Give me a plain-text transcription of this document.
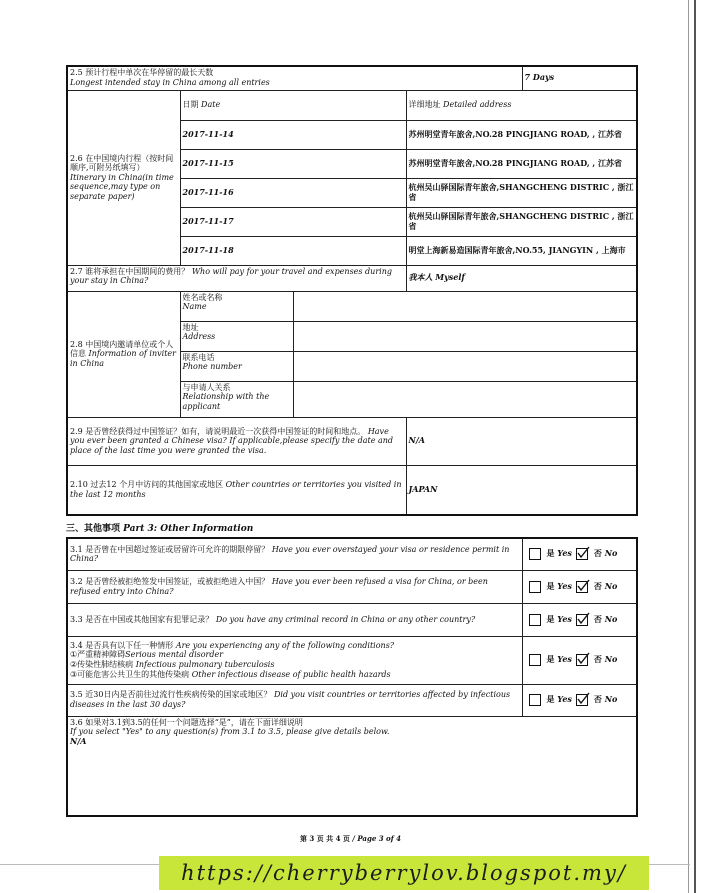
2.5 预计行程中单次在华停留的最长天数
Longest intended stay in China among all entries				7 Days
2.6 在中国境内行程（按时间顺序,可附另纸填写） Itinerary in China(in time sequence,may type on separate paper)	日期 Date		详细地址 Detailed address	
	2017-11-14		苏州明堂青年旅舍,NO.28 PINGJIANG ROAD, , 江苏省	
	2017-11-15		苏州明堂青年旅舍,NO.28 PINGJIANG ROAD, , 江苏省	
	2017-11-16		杭州吴山驿国际青年旅舍,SHANGCHENG DISTRIC , 浙江省	
	2017-11-17		杭州吴山驿国际青年旅舍,SHANGCHENG DISTRIC , 浙江省	
	2017-11-18		明堂上海新易造国际青年旅舍,NO.55, JIANGYIN , 上海市	
2.7 谁将承担在中国期间的费用？ Who will pay for your travel and expenses during your stay in China?			我本人 Myself	
2.8 中国境内邀请单位或个人信息 Information of inviter in China	姓名或名称
Name			
	地址
Address			
	联系电话
Phone number			
	与申请人关系
Relationship with the applicant			
2.9 是否曾经获得过中国签证？如有，请说明最近一次获得中国签证的时间和地点。 Have you ever been granted a Chinese visa? If applicable,please specify the date and place of the last time you were granted the visa.			N/A	
2.10 过去12 个月中访问的其他国家或地区 Other countries or territories you visited in the last 12 months			JAPAN	
三、其他事项 Part 3: Other Information
3.1 是否曾在中国超过签证或居留许可允许的期限停留？ Have you ever overstayed your visa or residence permit in China?	是 Yes 否 No
3.2 是否曾经被拒绝签发中国签证，或被拒绝进入中国？ Have you ever been refused a visa for China, or been refused entry into China?	是 Yes 否 No
3.3 是否在中国或其他国家有犯罪记录？ Do you have any criminal record in China or any other country?	是 Yes 否 No
3.4 是否具有以下任一种情形 Are you experiencing any of the following conditions?
①严重精神障碍Serious mental disorder
②传染性肺结核病 Infectious pulmonary tuberculosis
③可能危害公共卫生的其他传染病 Other infectious disease of public health hazards	是 Yes 否 No
3.5 近30日内是否前往过流行性疾病传染的国家或地区？ Did you visit countries or territories affected by infectious diseases in the last 30 days?	是 Yes 否 No
3.6 如果对3.1到3.5的任何一个问题选择“是”，请在下面详细说明
If you select "Yes" to any question(s) from 3.1 to 3.5, please give details below.
N/A	
第 3 页 共 4 页 / Page 3 of 4
https://cherryberrylov.blogspot.my/
